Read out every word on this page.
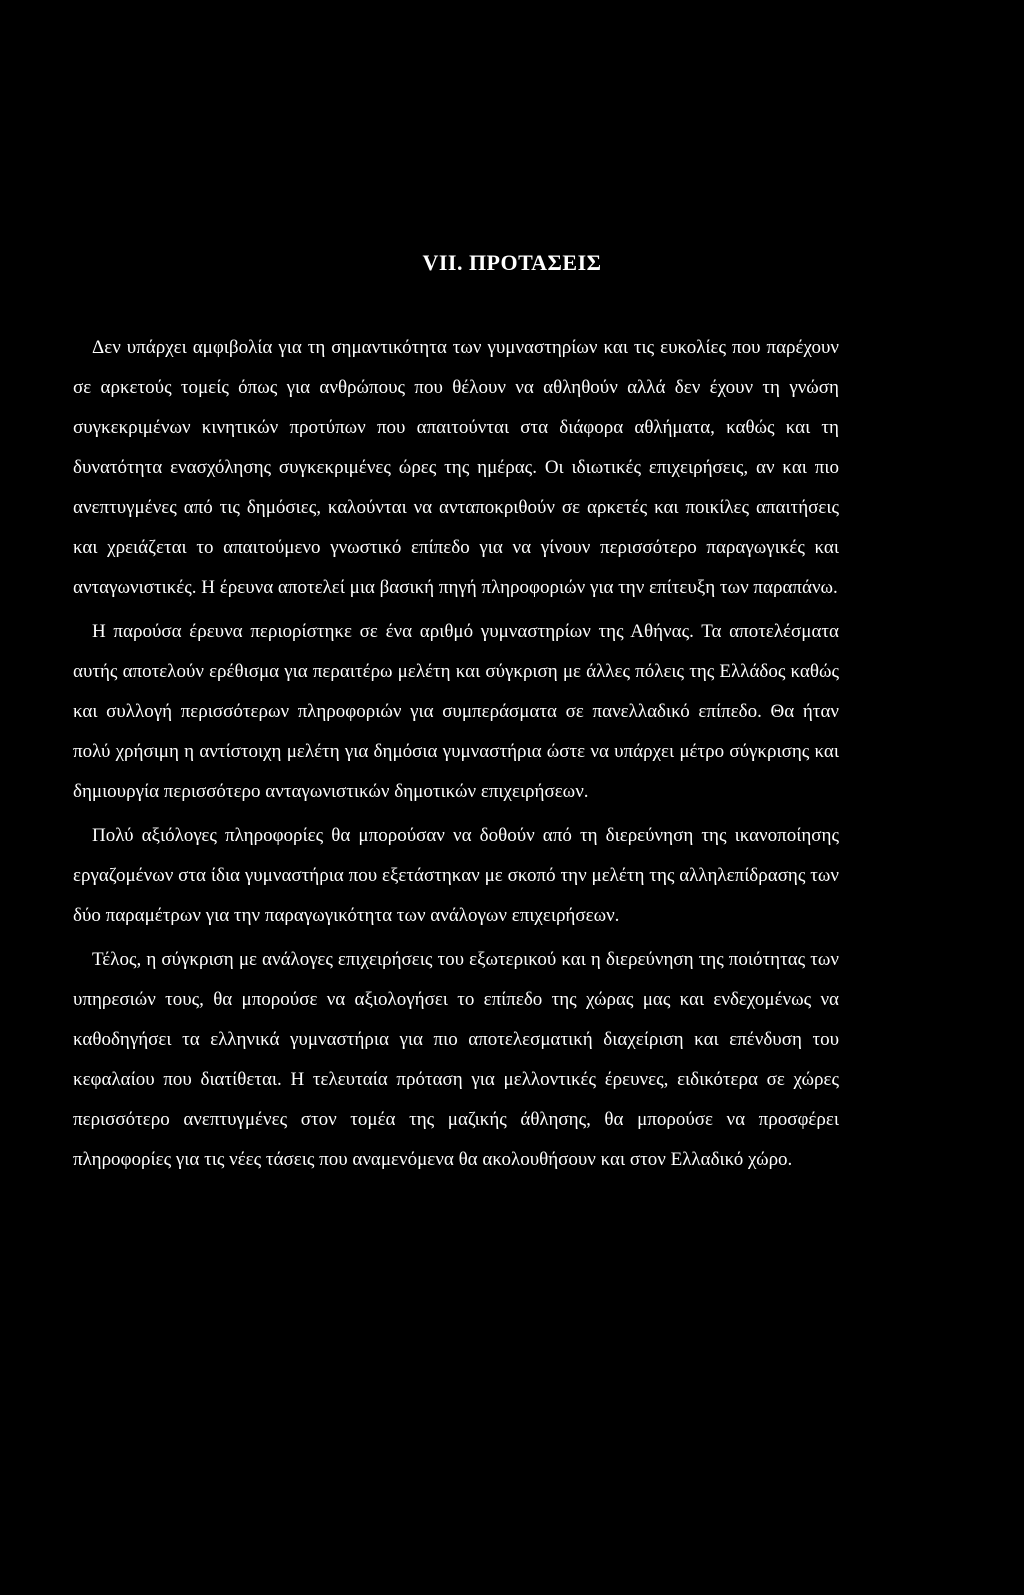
VII. ΠΡΟΤΑΣΕΙΣ

Δεν υπάρχει αμφιβολία για τη σημαντικότητα των γυμναστηρίων και τις ευκολίες που παρέχουν σε αρκετούς τομείς όπως για ανθρώπους που θέλουν να αθληθούν αλλά δεν έχουν τη γνώση συγκεκριμένων κινητικών προτύπων που απαιτούνται στα διάφορα αθλήματα, καθώς και τη δυνατότητα ενασχόλησης συγκεκριμένες ώρες της ημέρας. Οι ιδιωτικές επιχειρήσεις, αν και πιο ανεπτυγμένες από τις δημόσιες, καλούνται να ανταποκριθούν σε αρκετές και ποικίλες απαιτήσεις και χρειάζεται το απαιτούμενο γνωστικό επίπεδο για να γίνουν περισσότερο παραγωγικές και ανταγωνιστικές. Η έρευνα αποτελεί μια βασική πηγή πληροφοριών για την επίτευξη των παραπάνω.

Η παρούσα έρευνα περιορίστηκε σε ένα αριθμό γυμναστηρίων της Αθήνας. Τα αποτελέσματα αυτής αποτελούν ερέθισμα για περαιτέρω μελέτη και σύγκριση με άλλες πόλεις της Ελλάδος καθώς και συλλογή περισσότερων πληροφοριών για συμπεράσματα σε πανελλαδικό επίπεδο. Θα ήταν πολύ χρήσιμη η αντίστοιχη μελέτη για δημόσια γυμναστήρια ώστε να υπάρχει μέτρο σύγκρισης και δημιουργία περισσότερο ανταγωνιστικών δημοτικών επιχειρήσεων.

Πολύ αξιόλογες πληροφορίες θα μπορούσαν να δοθούν από τη διερεύνηση της ικανοποίησης εργαζομένων στα ίδια γυμναστήρια που εξετάστηκαν με σκοπό την μελέτη της αλληλεπίδρασης των δύο παραμέτρων για την παραγωγικότητα των ανάλογων επιχειρήσεων.

Τέλος, η σύγκριση με ανάλογες επιχειρήσεις του εξωτερικού και η διερεύνηση της ποιότητας των υπηρεσιών τους, θα μπορούσε να αξιολογήσει το επίπεδο της χώρας μας και ενδεχομένως να καθοδηγήσει τα ελληνικά γυμναστήρια για πιο αποτελεσματική διαχείριση και επένδυση του κεφαλαίου που διατίθεται. Η τελευταία πρόταση για μελλοντικές έρευνες, ειδικότερα σε χώρες περισσότερο ανεπτυγμένες στον τομέα της μαζικής άθλησης, θα μπορούσε να προσφέρει πληροφορίες για τις νέες τάσεις που αναμενόμενα θα ακολουθήσουν και στον Ελλαδικό χώρο.
